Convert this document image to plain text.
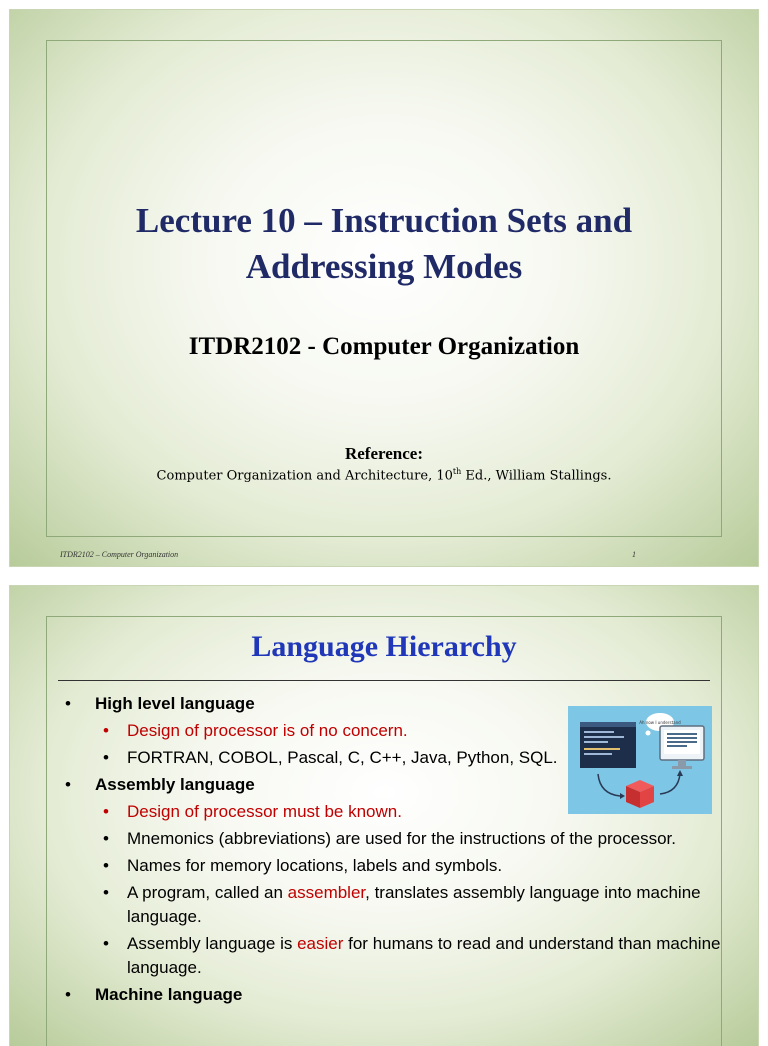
Lecture 10 – Instruction Sets and
Addressing Modes
ITDR2102 - Computer Organization
Reference:
Computer Organization and Architecture, 10th Ed., William Stallings.
ITDR2102 – Computer Organization	1
Language Hierarchy
Ah now I understand
• High level language
• Design of processor is of no concern.
• FORTRAN, COBOL, Pascal, C, C++, Java, Python, SQL.
• Assembly language
• Design of processor must be known.
• Mnemonics (abbreviations) are used for the instructions of the processor.
• Names for memory locations, labels and symbols.
• A program, called an assembler, translates assembly language into machine language.
• Assembly language is easier for humans to read and understand than machine language.
• Machine language
